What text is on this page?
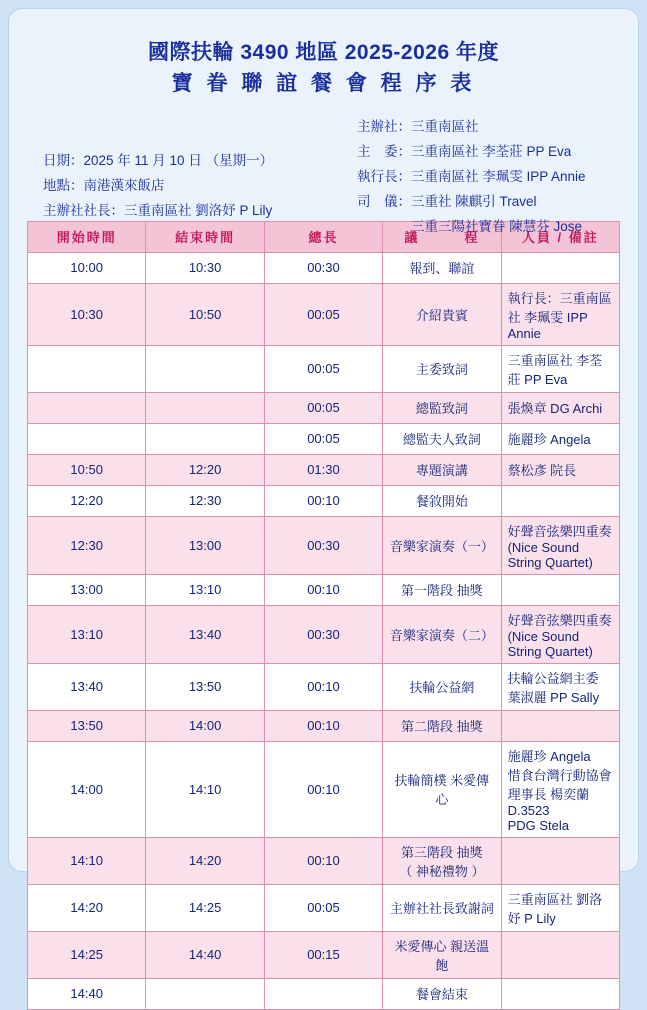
國際扶輪 3490 地區 2025-2026 年度
寶 眷 聯 誼 餐 會 程 序 表
日期：2025 年 11 月 10 日 （星期一）
地點：南港漢來飯店
主辦社社長：三重南區社 劉洛妤 P Lily
主辦社：三重南區社
主　委：三重南區社 李荃莊 PP Eva
執行長：三重南區社 李珮雯 IPP Annie
司　儀：三重社 陳麒引 Travel
三重三陽社寶眷 陳慧芬 Jose
開始時間	結束時間	總長	議　　　程	人員 / 備註

10:00	10:30	00:30	報到、聯誼	

10:30	10:50	00:05	介紹貴賓	執行長：三重南區社 李珮雯 IPP Annie

		00:05	主委致詞	三重南區社 李荃莊 PP Eva

		00:05	總監致詞	張煥章 DG Archi

		00:05	總監夫人致詞	施麗珍 Angela

10:50	12:20	01:30	專題演講	蔡松彥 院長

12:20	12:30	00:10	餐敘開始	

12:30	13:00	00:30	音樂家演奏（一）	好聲音弦樂四重奏
(Nice Sound String Quartet)

13:00	13:10	00:10	第一階段 抽獎	

13:10	13:40	00:30	音樂家演奏（二）	好聲音弦樂四重奏
(Nice Sound String Quartet)

13:40	13:50	00:10	扶輪公益網	扶輪公益網主委 葉淑麗 PP Sally

13:50	14:00	00:10	第二階段 抽獎	

14:00	14:10	00:10	扶輪簡樸 米愛傳心	施麗珍 Angela
惜食台灣行動協會理事長 楊奕蘭 D.3523
PDG Stela

14:10	14:20	00:10	第三階段 抽獎
（ 神秘禮物 ）	

14:20	14:25	00:05	主辦社社長致謝詞	三重南區社 劉洛妤 P Lily

14:25	14:40	00:15	米愛傳心 親送溫飽	

14:40			餐會結束	
